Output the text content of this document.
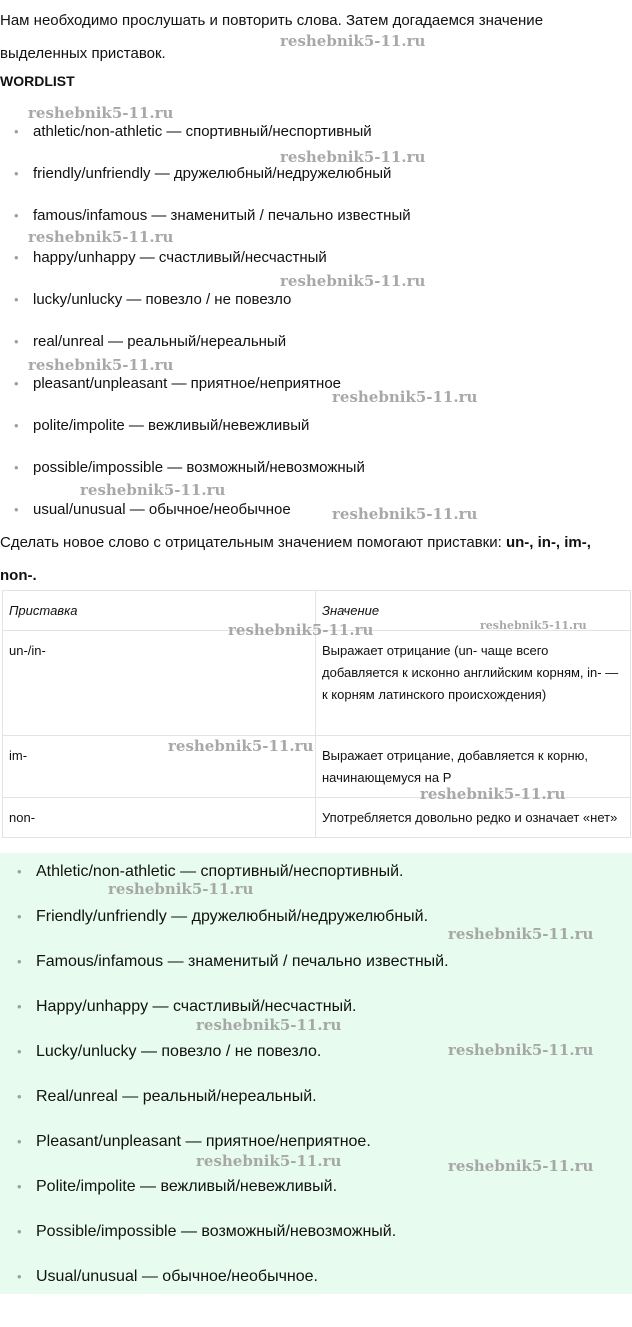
Нам необходимо прослушать и повторить слова. Затем догадаемся значение выделенных приставок.

WORDLIST

• athletic/non-athletic — спортивный/неспортивный
• friendly/unfriendly — дружелюбный/недружелюбный
• famous/infamous — знаменитый / печально известный
• happy/unhappy — счастливый/несчастный
• lucky/unlucky — повезло / не повезло
• real/unreal — реальный/нереальный
• pleasant/unpleasant — приятное/неприятное
• polite/impolite — вежливый/невежливый
• possible/impossible — возможный/невозможный
• usual/unusual — обычное/необычное

Сделать новое слово с отрицательным значением помогают приставки: un-, in-, im-, non-.

Приставка	Значение
un-/in-	Выражает отрицание (un- чаще всего добавляется к исконно английским корням, in- — к корням латинского происхождения)
im-	Выражает отрицание, добавляется к корню, начинающемуся на P
non-	Употребляется довольно редко и означает «нет»
• Athletic/non-athletic — спортивный/неспортивный.
• Friendly/unfriendly — дружелюбный/недружелюбный.
• Famous/infamous — знаменитый / печально известный.
• Happy/unhappy — счастливый/несчастный.
• Lucky/unlucky — повезло / не повезло.
• Real/unreal — реальный/нереальный.
• Pleasant/unpleasant — приятное/неприятное.
• Polite/impolite — вежливый/невежливый.
• Possible/impossible — возможный/невозможный.
• Usual/unusual — обычное/необычное.
reshebnik5-11.ru
reshebnik5-11.ru
reshebnik5-11.ru
reshebnik5-11.ru
reshebnik5-11.ru
reshebnik5-11.ru
reshebnik5-11.ru
reshebnik5-11.ru
reshebnik5-11.ru
reshebnik5-11.ru	reshebnik5-11.ru
reshebnik5-11.ru
reshebnik5-11.ru
reshebnik5-11.ru
reshebnik5-11.ru
reshebnik5-11.ru
reshebnik5-11.ru
reshebnik5-11.ru	reshebnik5-11.ru
